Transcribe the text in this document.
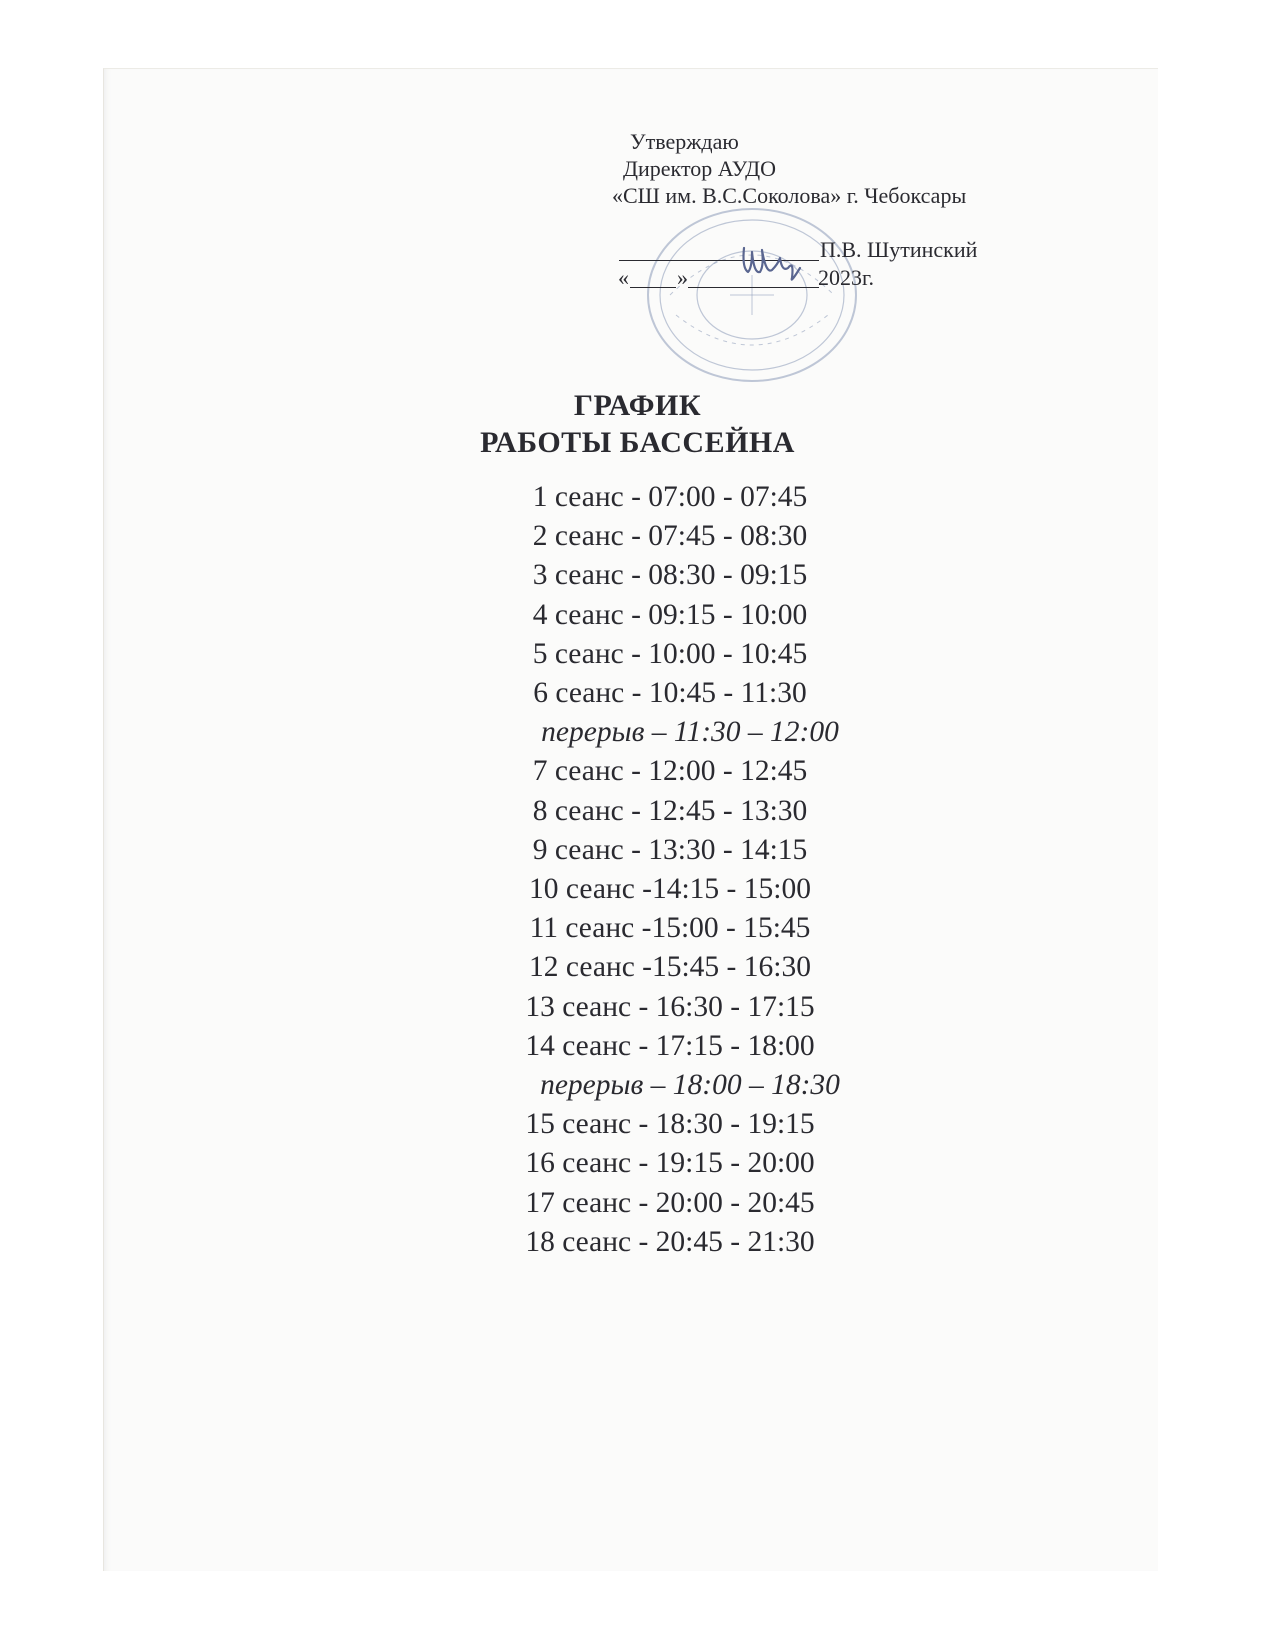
Утверждаю
Директор АУДО
«СШ им. В.С.Соколова» г. Чебоксары
П.В. Шутинский
« »	2023г.
ГРАФИК
РАБОТЫ БАССЕЙНА
1 сеанс - 07:00 - 07:45
2 сеанс - 07:45 - 08:30
3 сеанс - 08:30 - 09:15
4 сеанс - 09:15 - 10:00
5 сеанс - 10:00 - 10:45
6 сеанс - 10:45 - 11:30
перерыв – 11:30 – 12:00
7 сеанс - 12:00 - 12:45
8 сеанс - 12:45 - 13:30
9 сеанс - 13:30 - 14:15
10 сеанс -14:15 - 15:00
11 сеанс -15:00 - 15:45
12 сеанс -15:45 - 16:30
13 сеанс - 16:30 - 17:15
14 сеанс - 17:15 - 18:00
перерыв – 18:00 – 18:30
15 сеанс - 18:30 - 19:15
16 сеанс - 19:15 - 20:00
17 сеанс - 20:00 - 20:45
18 сеанс - 20:45 - 21:30
